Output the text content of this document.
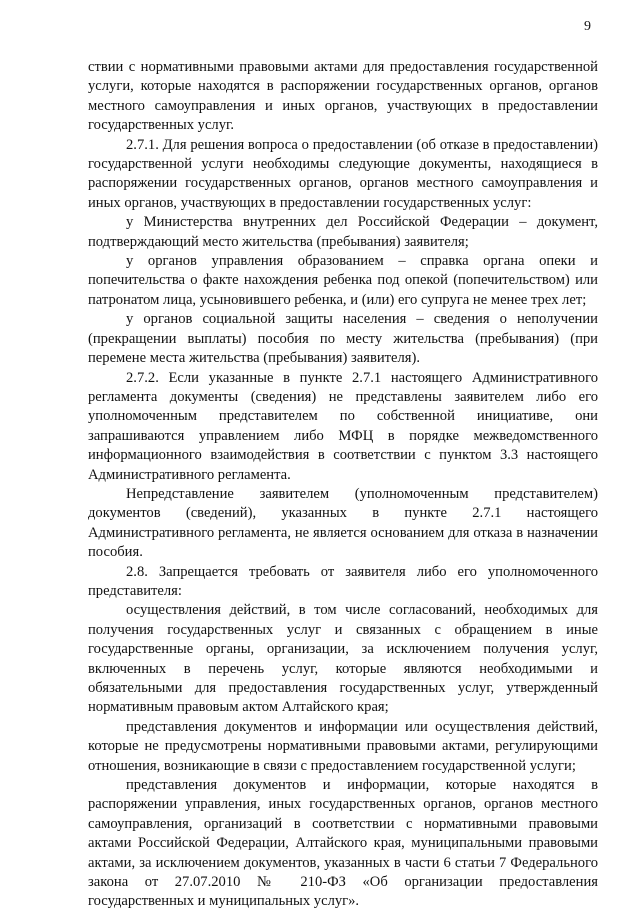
9

ствии с нормативными правовыми актами для предоставления государственной услуги, которые находятся в распоряжении государственных органов, органов местного самоуправления и иных органов, участвующих в предоставлении государственных услуг.

2.7.1. Для решения вопроса о предоставлении (об отказе в предоставлении) государственной услуги необходимы следующие документы, находящиеся в распоряжении государственных органов, органов местного самоуправления и иных органов, участвующих в предоставлении государственных услуг:

у Министерства внутренних дел Российской Федерации – документ, подтверждающий место жительства (пребывания) заявителя;

у органов управления образованием – справка органа опеки и попечительства о факте нахождения ребенка под опекой (попечительством) или патронатом лица, усыновившего ребенка, и (или) его супруга не менее трех лет;

у органов социальной защиты населения – сведения о неполучении (прекращении выплаты) пособия по месту жительства (пребывания) (при перемене места жительства (пребывания) заявителя).

2.7.2. Если указанные в пункте 2.7.1 настоящего Административного регламента документы (сведения) не представлены заявителем либо его уполномоченным представителем по собственной инициативе, они запрашиваются управлением либо МФЦ в порядке межведомственного информационного взаимодействия в соответствии с пунктом 3.3 настоящего Административного регламента.

Непредставление заявителем (уполномоченным представителем) документов (сведений), указанных в пункте 2.7.1 настоящего Административного регламента, не является основанием для отказа в назначении пособия.

2.8. Запрещается требовать от заявителя либо его уполномоченного представителя:

осуществления действий, в том числе согласований, необходимых для получения государственных услуг и связанных с обращением в иные государственные органы, организации, за исключением получения услуг, включенных в перечень услуг, которые являются необходимыми и обязательными для предоставления государственных услуг, утвержденный нормативным правовым актом Алтайского края;

представления документов и информации или осуществления действий, которые не предусмотрены нормативными правовыми актами, регулирующими отношения, возникающие в связи с предоставлением государственной услуги;

представления документов и информации, которые находятся в распоряжении управления, иных государственных органов, органов местного самоуправления, организаций в соответствии с нормативными правовыми актами Российской Федерации, Алтайского края, муниципальными правовыми актами, за исключением документов, указанных в части 6 статьи 7 Федерального закона от 27.07.2010 № 210-ФЗ «Об организации предоставления государственных и муниципальных услуг».
